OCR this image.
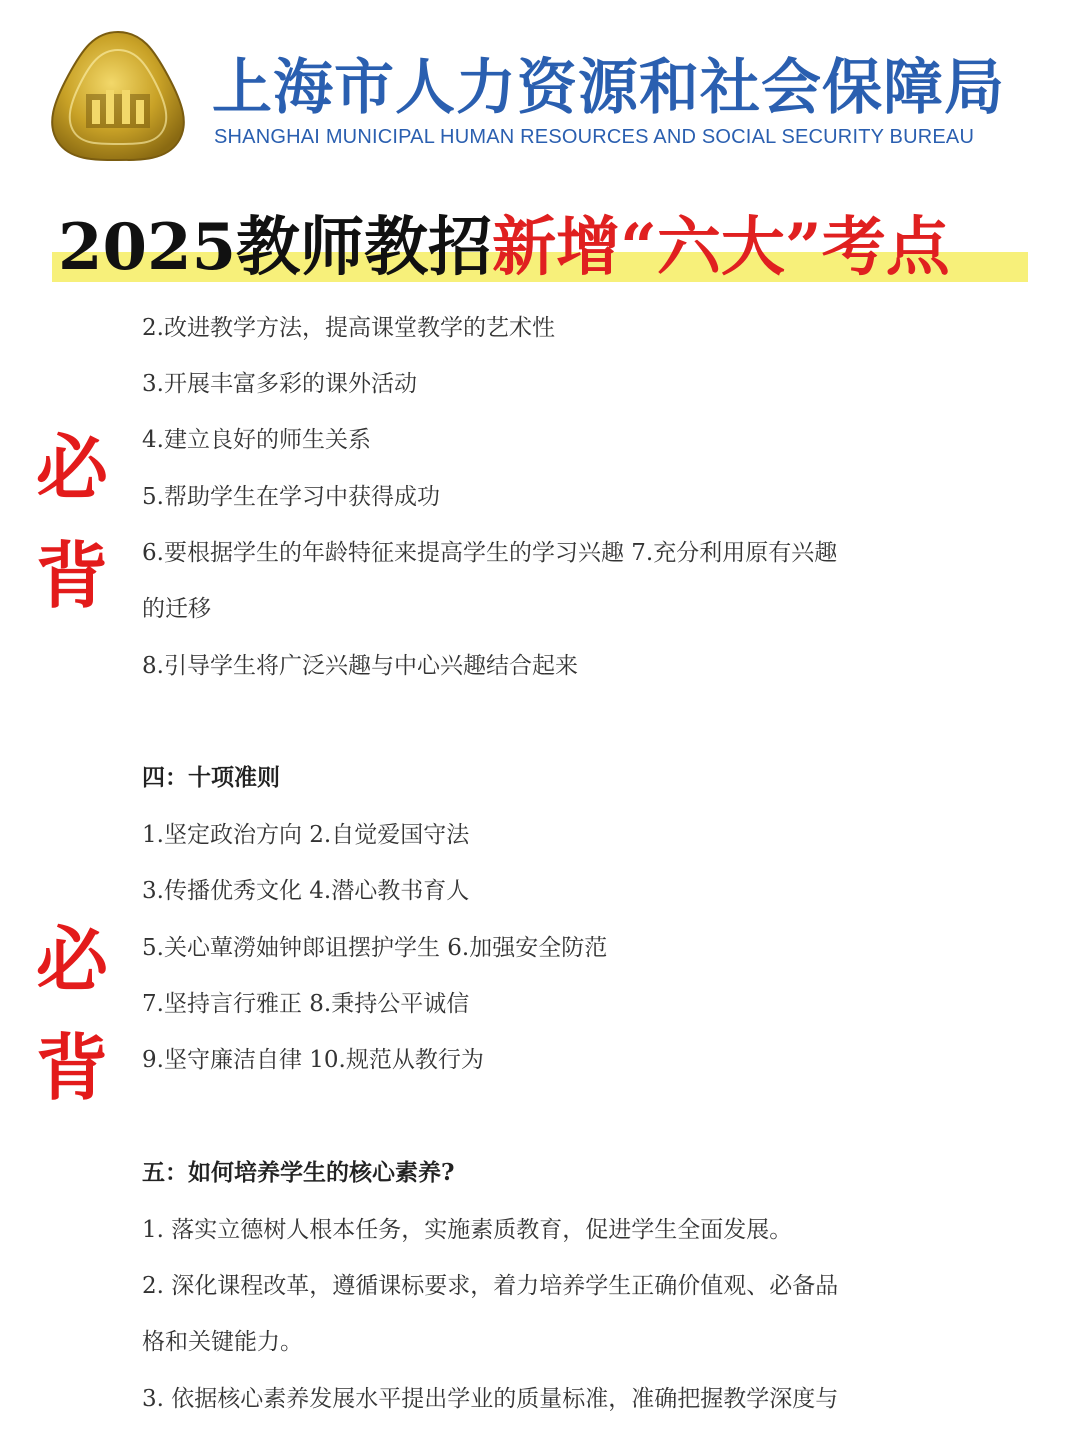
上海市人力资源和社会保障局
SHANGHAI MUNICIPAL HUMAN RESOURCES AND SOCIAL SECURITY BUREAU
2025教师教招新增“六大”考点
必
背
必
背
2.改进教学方法，提高课堂教学的艺术性
3.开展丰富多彩的课外活动
4.建立良好的师生关系
5.帮助学生在学习中获得成功
6.要根据学生的年龄特征来提高学生的学习兴趣 7.充分利用原有兴趣
的迁移
8.引导学生将广泛兴趣与中心兴趣结合起来
四：十项准则
1.坚定政治方向 2.自觉爱国守法
3.传播优秀文化 4.潜心教书育人
5.关心蕇澇妯钟郞诅摆护学生 6.加强安全防范
7.坚持言行雅正 8.秉持公平诚信
9.坚守廉洁自律 10.规范从教行为
五：如何培养学生的核心素养?
1. 落实立德树人根本任务，实施素质教育，促进学生全面发展。
2. 深化课程改革，遵循课标要求，着力培养学生正确价值观、必备品
格和关键能力。
3. 依据核心素养发展水平提出学业的质量标准，准确把握教学深度与
